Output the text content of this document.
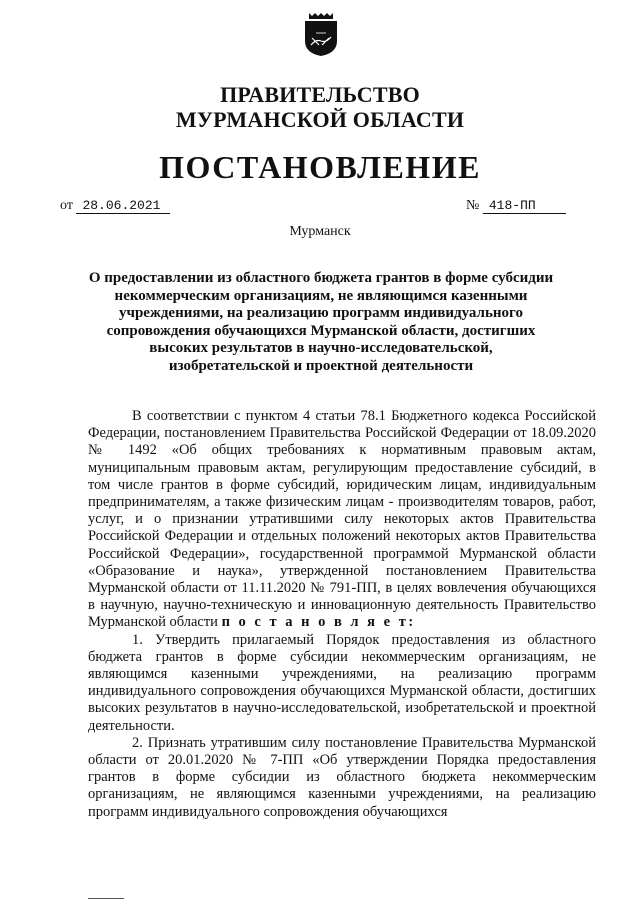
ПРАВИТЕЛЬСТВО
МУРМАНСКОЙ ОБЛАСТИ
ПОСТАНОВЛЕНИЕ
от 28.06.2021	№ 418-ПП
Мурманск
О предоставлении из областного бюджета грантов в форме субсидии некоммерческим организациям, не являющимся казенными учреждениями, на реализацию программ индивидуального сопровождения обучающихся Мурманской области, достигших высоких результатов в научно-исследовательской, изобретательской и проектной деятельности

В соответствии с пунктом 4 статьи 78.1 Бюджетного кодекса Российской Федерации, постановлением Правительства Российской Федерации от 18.09.2020 № 1492 «Об общих требованиях к нормативным правовым актам, муниципальным правовым актам, регулирующим предоставление субсидий, в том числе грантов в форме субсидий, юридическим лицам, индивидуальным предпринимателям, а также физическим лицам - производителям товаров, работ, услуг, и о признании утратившими силу некоторых актов Правительства Российской Федерации и отдельных положений некоторых актов Правительства Российской Федерации», государственной программой Мурманской области «Образование и наука», утвержденной постановлением Правительства Мурманской области от 11.11.2020 № 791-ПП, в целях вовлечения обучающихся в научную, научно-техническую и инновационную деятельность Правительство Мурманской области п о с т а н о в л я е т:

1. Утвердить прилагаемый Порядок предоставления из областного бюджета грантов в форме субсидии некоммерческим организациям, не являющимся казенными учреждениями, на реализацию программ индивидуального сопровождения обучающихся Мурманской области, достигших высоких результатов в научно-исследовательской, изобретательской и проектной деятельности.

2. Признать утратившим силу постановление Правительства Мурманской области от 20.01.2020 № 7-ПП «Об утверждении Порядка предоставления грантов в форме субсидии из областного бюджета некоммерческим организациям, не являющимся казенными учреждениями, на реализацию программ индивидуального сопровождения обучающихся
